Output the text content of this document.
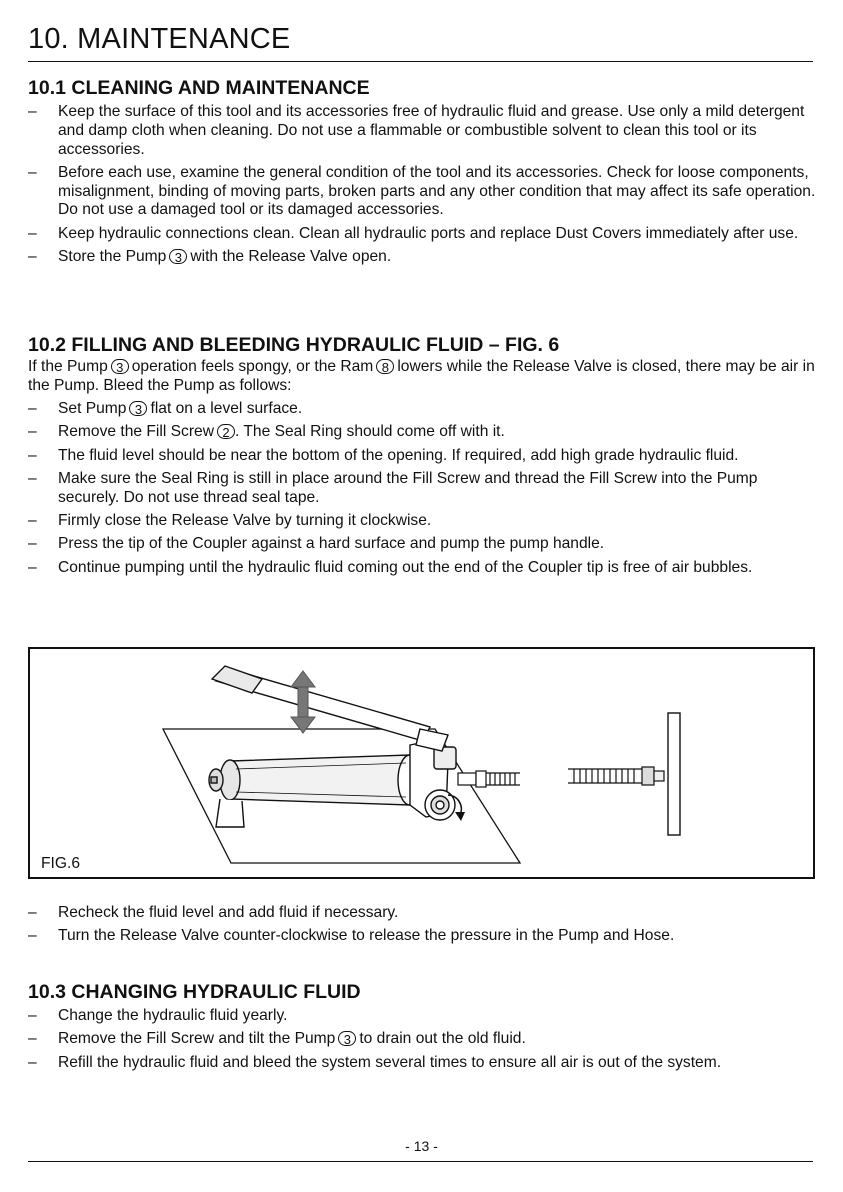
10. MAINTENANCE
10.1 CLEANING AND MAINTENANCE
– Keep the surface of this tool and its accessories free of hydraulic fluid and grease. Use only a mild detergent and damp cloth when cleaning. Do not use a flammable or combustible solvent to clean this tool or its accessories.
– Before each use, examine the general condition of the tool and its accessories. Check for loose components, misalignment, binding of moving parts, broken parts and any other condition that may affect its safe operation. Do not use a damaged tool or its damaged accessories.
– Keep hydraulic connections clean. Clean all hydraulic ports and replace Dust Covers immediately after use.
– Store the Pump 3 with the Release Valve open.
10.2 FILLING AND BLEEDING HYDRAULIC FLUID – FIG. 6

If the Pump 3 operation feels spongy, or the Ram 8 lowers while the Release Valve is closed, there may be air in the Pump. Bleed the Pump as follows:

– Set Pump 3 flat on a level surface.
– Remove the Fill Screw 2 . The Seal Ring should come off with it.
– The fluid level should be near the bottom of the opening. If required, add high grade hydraulic fluid.
– Make sure the Seal Ring is still in place around the Fill Screw and thread the Fill Screw into the Pump securely. Do not use thread seal tape.
– Firmly close the Release Valve by turning it clockwise.
– Press the tip of the Coupler against a hard surface and pump the pump handle.
– Continue pumping until the hydraulic fluid coming out the end of the Coupler tip is free of air bubbles.
FIG.6
– Recheck the fluid level and add fluid if necessary.
– Turn the Release Valve counter-clockwise to release the pressure in the Pump and Hose.
10.3 CHANGING HYDRAULIC FLUID
– Change the hydraulic fluid yearly.
– Remove the Fill Screw and tilt the Pump 3 to drain out the old fluid.
– Refill the hydraulic fluid and bleed the system several times to ensure all air is out of the system.
- 13 -
